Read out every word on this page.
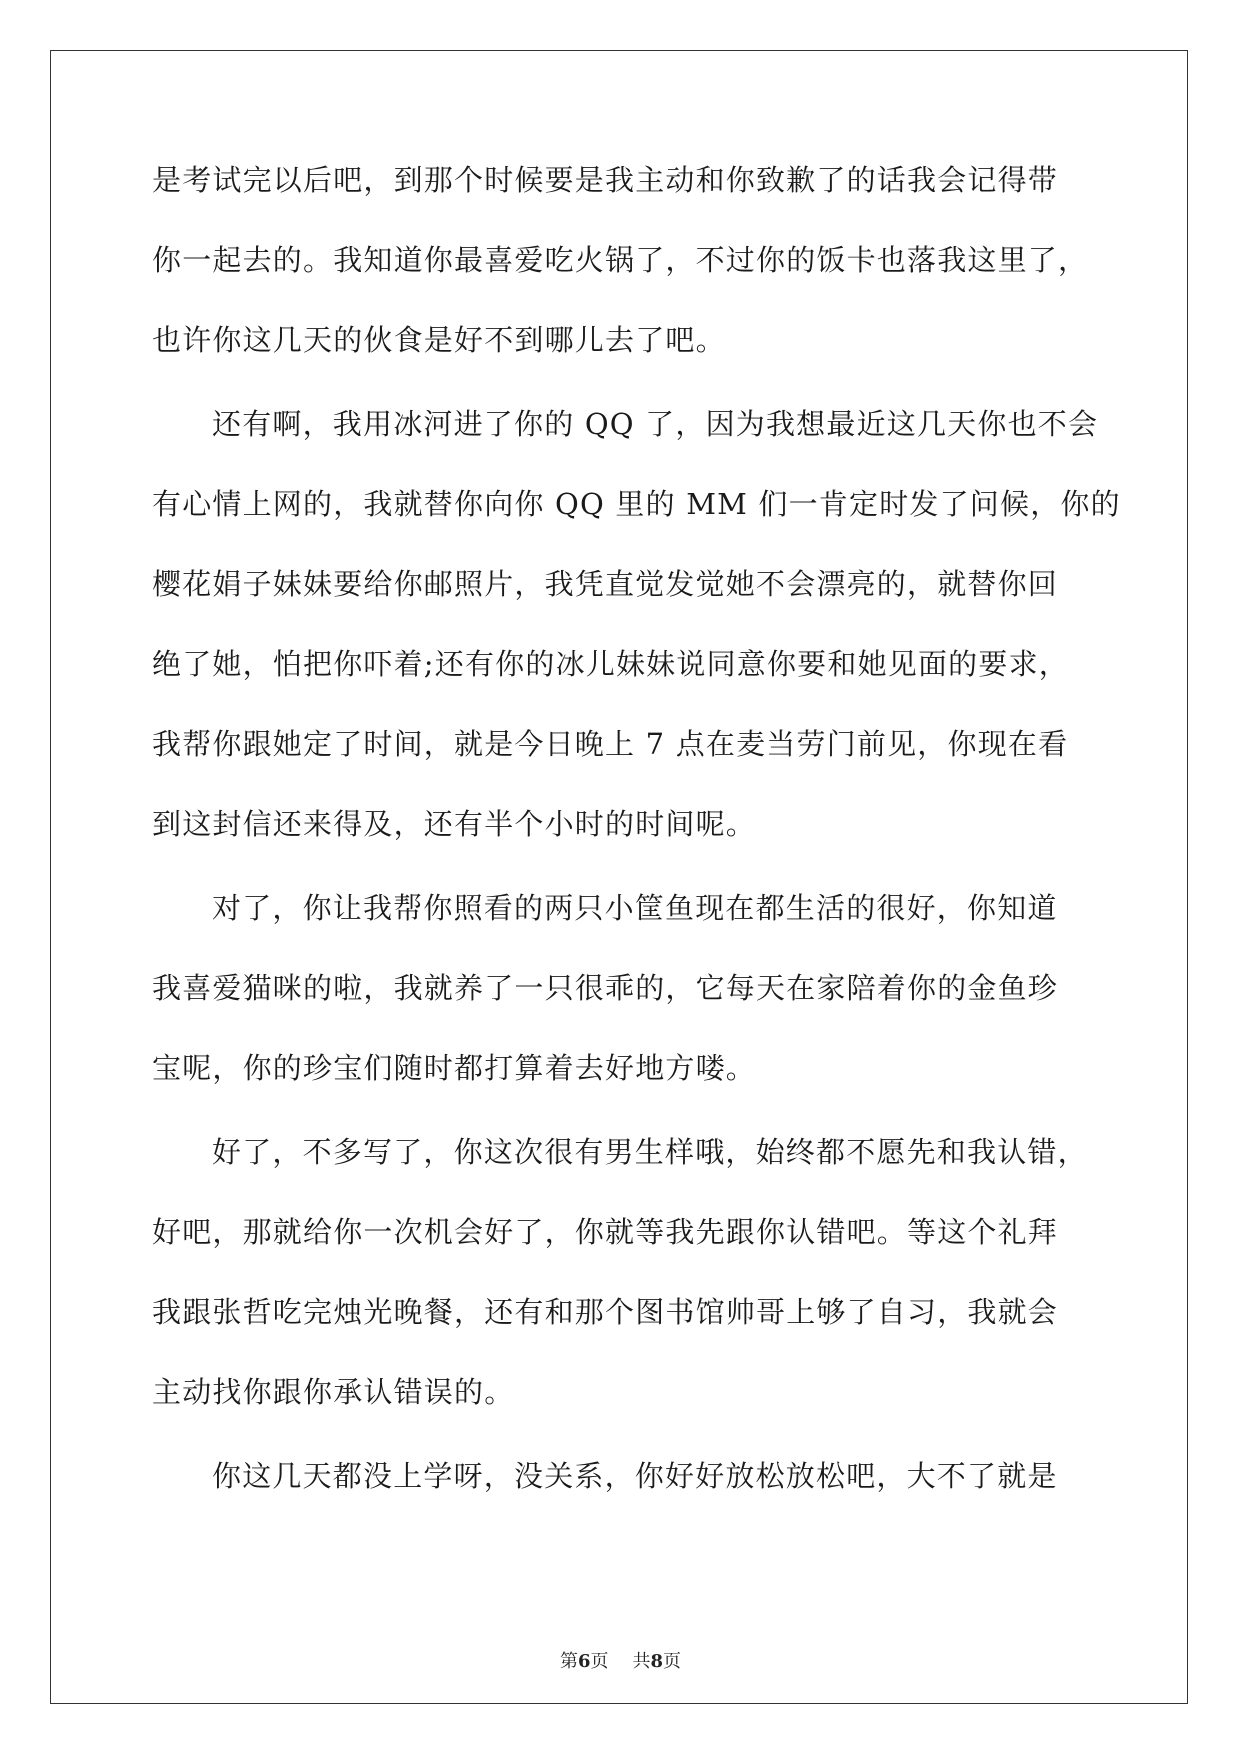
是考试完以后吧，到那个时候要是我主动和你致歉了的话我会记得带
你一起去的。我知道你最喜爱吃火锅了，不过你的饭卡也落我这里了，
也许你这几天的伙食是好不到哪儿去了吧。
还有啊，我用冰河进了你的 QQ 了，因为我想最近这几天你也不会
有心情上网的，我就替你向你 QQ 里的 MM 们一肯定时发了问候，你的
樱花娟子妹妹要给你邮照片，我凭直觉发觉她不会漂亮的，就替你回
绝了她，怕把你吓着;还有你的冰儿妹妹说同意你要和她见面的要求，
我帮你跟她定了时间，就是今日晚上 7 点在麦当劳门前见，你现在看
到这封信还来得及，还有半个小时的时间呢。
对了，你让我帮你照看的两只小筐鱼现在都生活的很好，你知道
我喜爱猫咪的啦，我就养了一只很乖的，它每天在家陪着你的金鱼珍
宝呢，你的珍宝们随时都打算着去好地方喽。
好了，不多写了，你这次很有男生样哦，始终都不愿先和我认错，
好吧，那就给你一次机会好了，你就等我先跟你认错吧。等这个礼拜
我跟张哲吃完烛光晚餐，还有和那个图书馆帅哥上够了自习，我就会
主动找你跟你承认错误的。
你这几天都没上学呀，没关系，你好好放松放松吧，大不了就是
第6页 共8页
